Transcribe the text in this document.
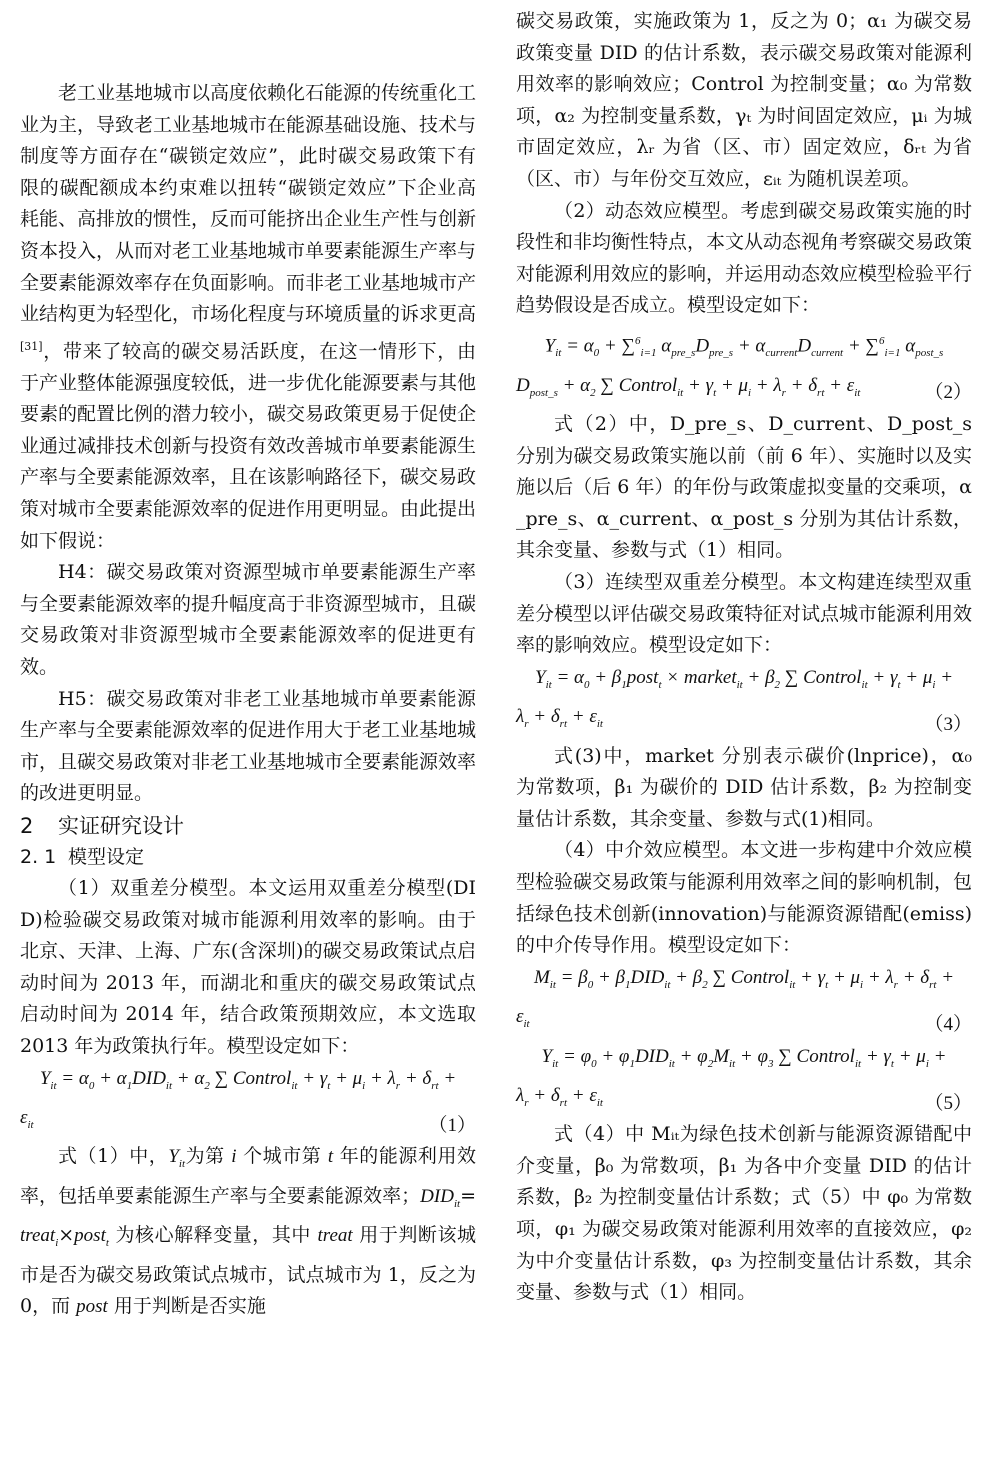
老工业基地城市以高度依赖化石能源的传统重化工业为主，导致老工业基地城市在能源基础设施、技术与制度等方面存在“碳锁定效应”，此时碳交易政策下有限的碳配额成本约束难以扭转“碳锁定效应”下企业高耗能、高排放的惯性，反而可能挤出企业生产性与创新资本投入，从而对老工业基地城市单要素能源生产率与全要素能源效率存在负面影响。而非老工业基地城市产业结构更为轻型化，市场化程度与环境质量的诉求更高[31]，带来了较高的碳交易活跃度，在这一情形下，由于产业整体能源强度较低，进一步优化能源要素与其他要素的配置比例的潜力较小，碳交易政策更易于促使企业通过减排技术创新与投资有效改善城市单要素能源生产率与全要素能源效率，且在该影响路径下，碳交易政策对城市全要素能源效率的促进作用更明显。由此提出如下假说：

H4：碳交易政策对资源型城市单要素能源生产率与全要素能源效率的提升幅度高于非资源型城市，且碳交易政策对非资源型城市全要素能源效率的促进更有效。

H5：碳交易政策对非老工业基地城市单要素能源生产率与全要素能源效率的促进作用大于老工业基地城市，且碳交易政策对非老工业基地城市全要素能源效率的改进更明显。

2 实证研究设计
2. 1 模型设定

（1）双重差分模型。本文运用双重差分模型(DID)检验碳交易政策对城市能源利用效率的影响。由于北京、天津、上海、广东(含深圳)的碳交易政策试点启动时间为 2013 年，而湖北和重庆的碳交易政策试点启动时间为 2014 年，结合政策预期效应，本文选取 2013 年为政策执行年。模型设定如下：

$Y_{it} = \alpha_0 + \alpha_1DID_{it} + \alpha_2$ ∑ Control$_{it}$ + $\gamma_t + \mu_i + \lambda_r + \delta_{rt}$ +
$\varepsilon_{it}$	（1）

式（1）中，$Y_{it}$为第 i 个城市第 t 年的能源利用效率，包括单要素能源生产率与全要素能源效率；$DID_{it}=treat_i\times post_t$ 为核心解释变量，其中 treat 用于判断该城市是否为碳交易政策试点城市，试点城市为 1，反之为 0，而 post 用于判断是否实施

碳交易政策，实施政策为 1，反之为 0；α₁ 为碳交易政策变量 DID 的估计系数，表示碳交易政策对能源利用效率的影响效应；Control 为控制变量；α₀ 为常数项，α₂ 为控制变量系数，γₜ 为时间固定效应，μᵢ 为城市固定效应，λᵣ 为省（区、市）固定效应，δᵣₜ 为省（区、市）与年份交互效应，εᵢₜ 为随机误差项。

（2）动态效应模型。考虑到碳交易政策实施的时段性和非均衡性特点，本文从动态视角考察碳交易政策对能源利用效应的影响，并运用动态效应模型检验平行趋势假设是否成立。模型设定如下：

$Y_{it} = \alpha_0 + \sum^6_{i=1}$ $\alpha_{pre\_s}D_{pre\_s} + \alpha_{current}D_{current} + \sum^6_{i=1}$ $\alpha_{post\_s}$
$D_{post\_s} + \alpha_2$ ∑ Control$_{it}$ + $\gamma_t + \mu_i + \lambda_r + \delta_{rt} + \varepsilon_{it}$	（2）

式（2）中，D_pre_s、D_current、D_post_s 分别为碳交易政策实施以前（前 6 年）、实施时以及实施以后（后 6 年）的年份与政策虚拟变量的交乘项，α_pre_s、α_current、α_post_s 分别为其估计系数，其余变量、参数与式（1）相同。

（3）连续型双重差分模型。本文构建连续型双重差分模型以评估碳交易政策特征对试点城市能源利用效率的影响效应。模型设定如下：

$Y_{it} = \alpha_0$ + $\beta_1post_t$ × market$_{it}$ + $\beta_2$ ∑ Control$_{it}$ + $\gamma_t + \mu_i$ +
$\lambda_r + \delta_{rt} + \varepsilon_{it}$	（3）

式(3)中，market 分别表示碳价(lnprice)，α₀ 为常数项，β₁ 为碳价的 DID 估计系数，β₂ 为控制变量估计系数，其余变量、参数与式(1)相同。

（4）中介效应模型。本文进一步构建中介效应模型检验碳交易政策与能源利用效率之间的影响机制，包括绿色技术创新(innovation)与能源资源错配(emiss)的中介传导作用。模型设定如下：

$M_{it} = \beta_0 + \beta_1DID_{it} + \beta_2$ ∑ Control$_{it}$ + $\gamma_t + \mu_i + \lambda_r + \delta_{rt}$ +
$\varepsilon_{it}$	（4）
$Y_{it} = \varphi_0 + \varphi_1DID_{it} + \varphi_2M_{it} + \varphi_3$ ∑ Control$_{it}$ + $\gamma_t + \mu_i$ +
$\lambda_r + \delta_{rt} + \varepsilon_{it}$	（5）

式（4）中 Mᵢₜ为绿色技术创新与能源资源错配中介变量，β₀ 为常数项，β₁ 为各中介变量 DID 的估计系数，β₂ 为控制变量估计系数；式（5）中 φ₀ 为常数项，φ₁ 为碳交易政策对能源利用效率的直接效应，φ₂ 为中介变量估计系数，φ₃ 为控制变量估计系数，其余变量、参数与式（1）相同。
